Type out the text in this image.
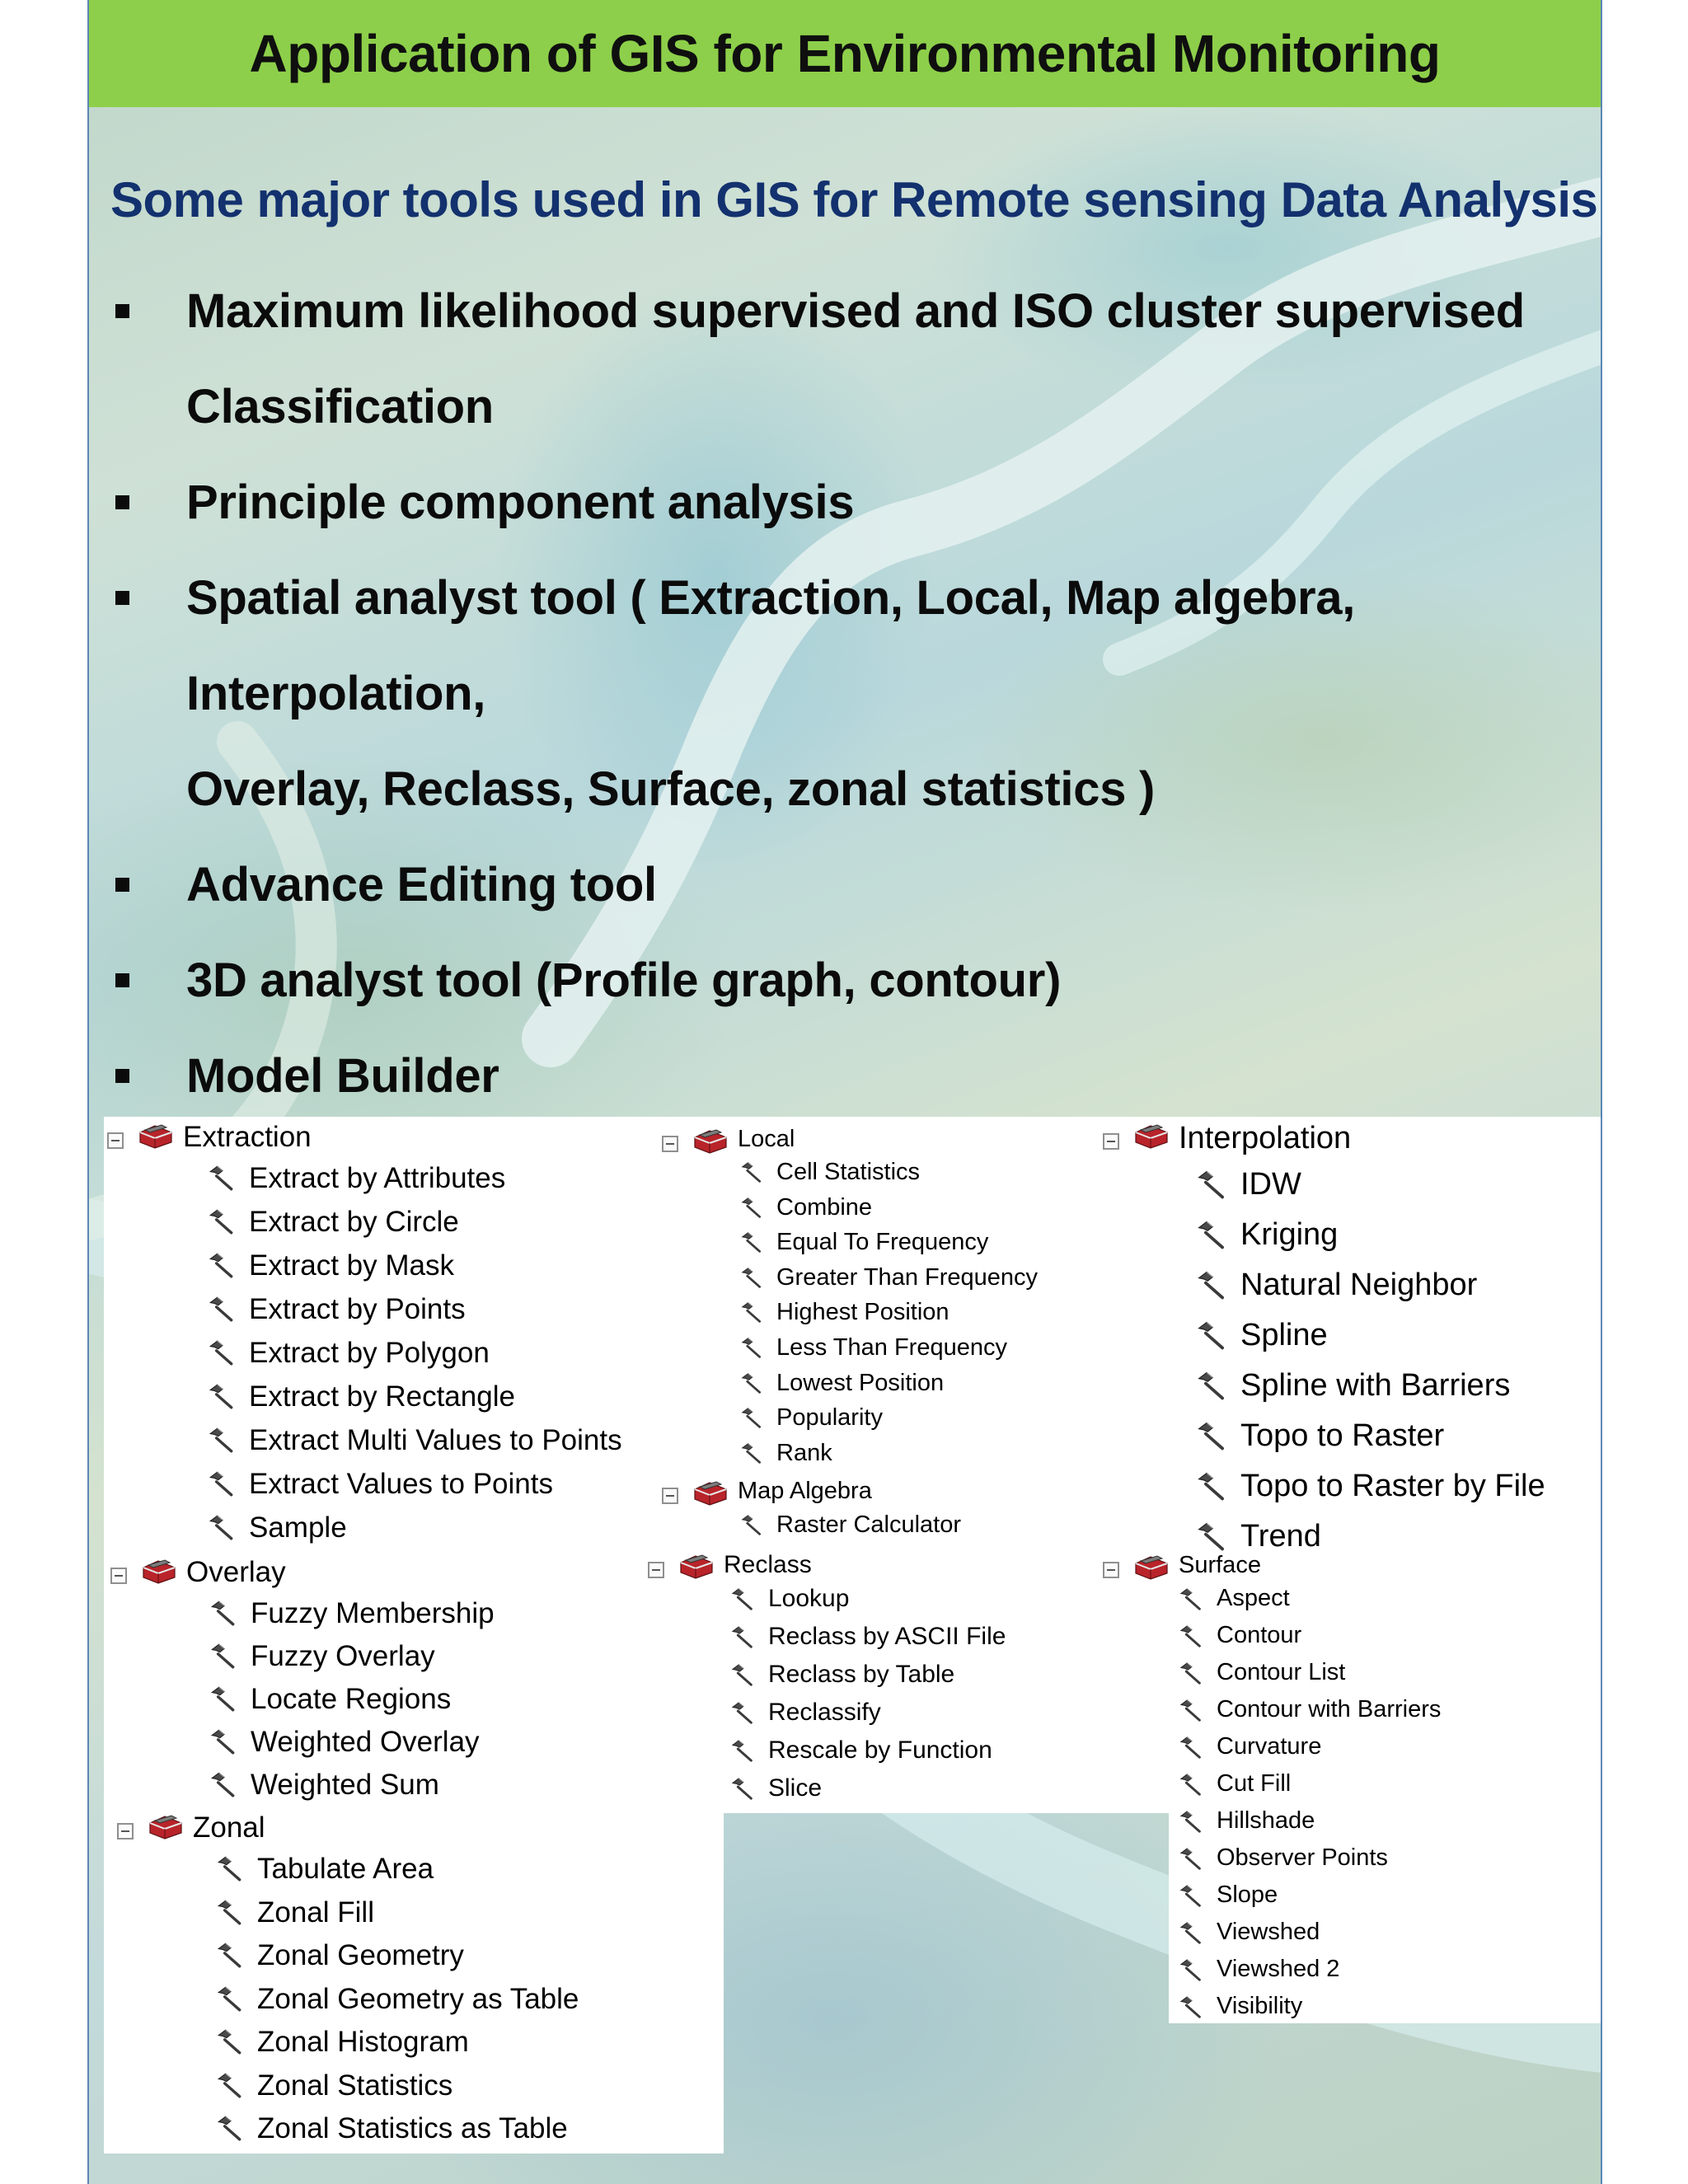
Application of GIS for Environmental Monitoring
Some major tools used in GIS for Remote sensing Data Analysis
Maximum likelihood supervised and ISO cluster supervised
Classification
Principle component analysis
Spatial analyst tool ( Extraction, Local, Map algebra, Interpolation,
Overlay, Reclass, Surface, zonal statistics )
Advance Editing tool
3D analyst tool (Profile graph, contour)
Model Builder
Extraction
Extract by Attributes
Extract by Circle
Extract by Mask
Extract by Points
Extract by Polygon
Extract by Rectangle
Extract Multi Values to Points
Extract Values to Points
Sample
Overlay
Fuzzy Membership
Fuzzy Overlay
Locate Regions
Weighted Overlay
Weighted Sum
Zonal
Tabulate Area
Zonal Fill
Zonal Geometry
Zonal Geometry as Table
Zonal Histogram
Zonal Statistics
Zonal Statistics as Table
Local
Cell Statistics
Combine
Equal To Frequency
Greater Than Frequency
Highest Position
Less Than Frequency
Lowest Position
Popularity
Rank
Map Algebra
Raster Calculator
Reclass
Lookup
Reclass by ASCII File
Reclass by Table
Reclassify
Rescale by Function
Slice
Interpolation
IDW
Kriging
Natural Neighbor
Spline
Spline with Barriers
Topo to Raster
Topo to Raster by File
Trend
Surface
Aspect
Contour
Contour List
Contour with Barriers
Curvature
Cut Fill
Hillshade
Observer Points
Slope
Viewshed
Viewshed 2
Visibility
